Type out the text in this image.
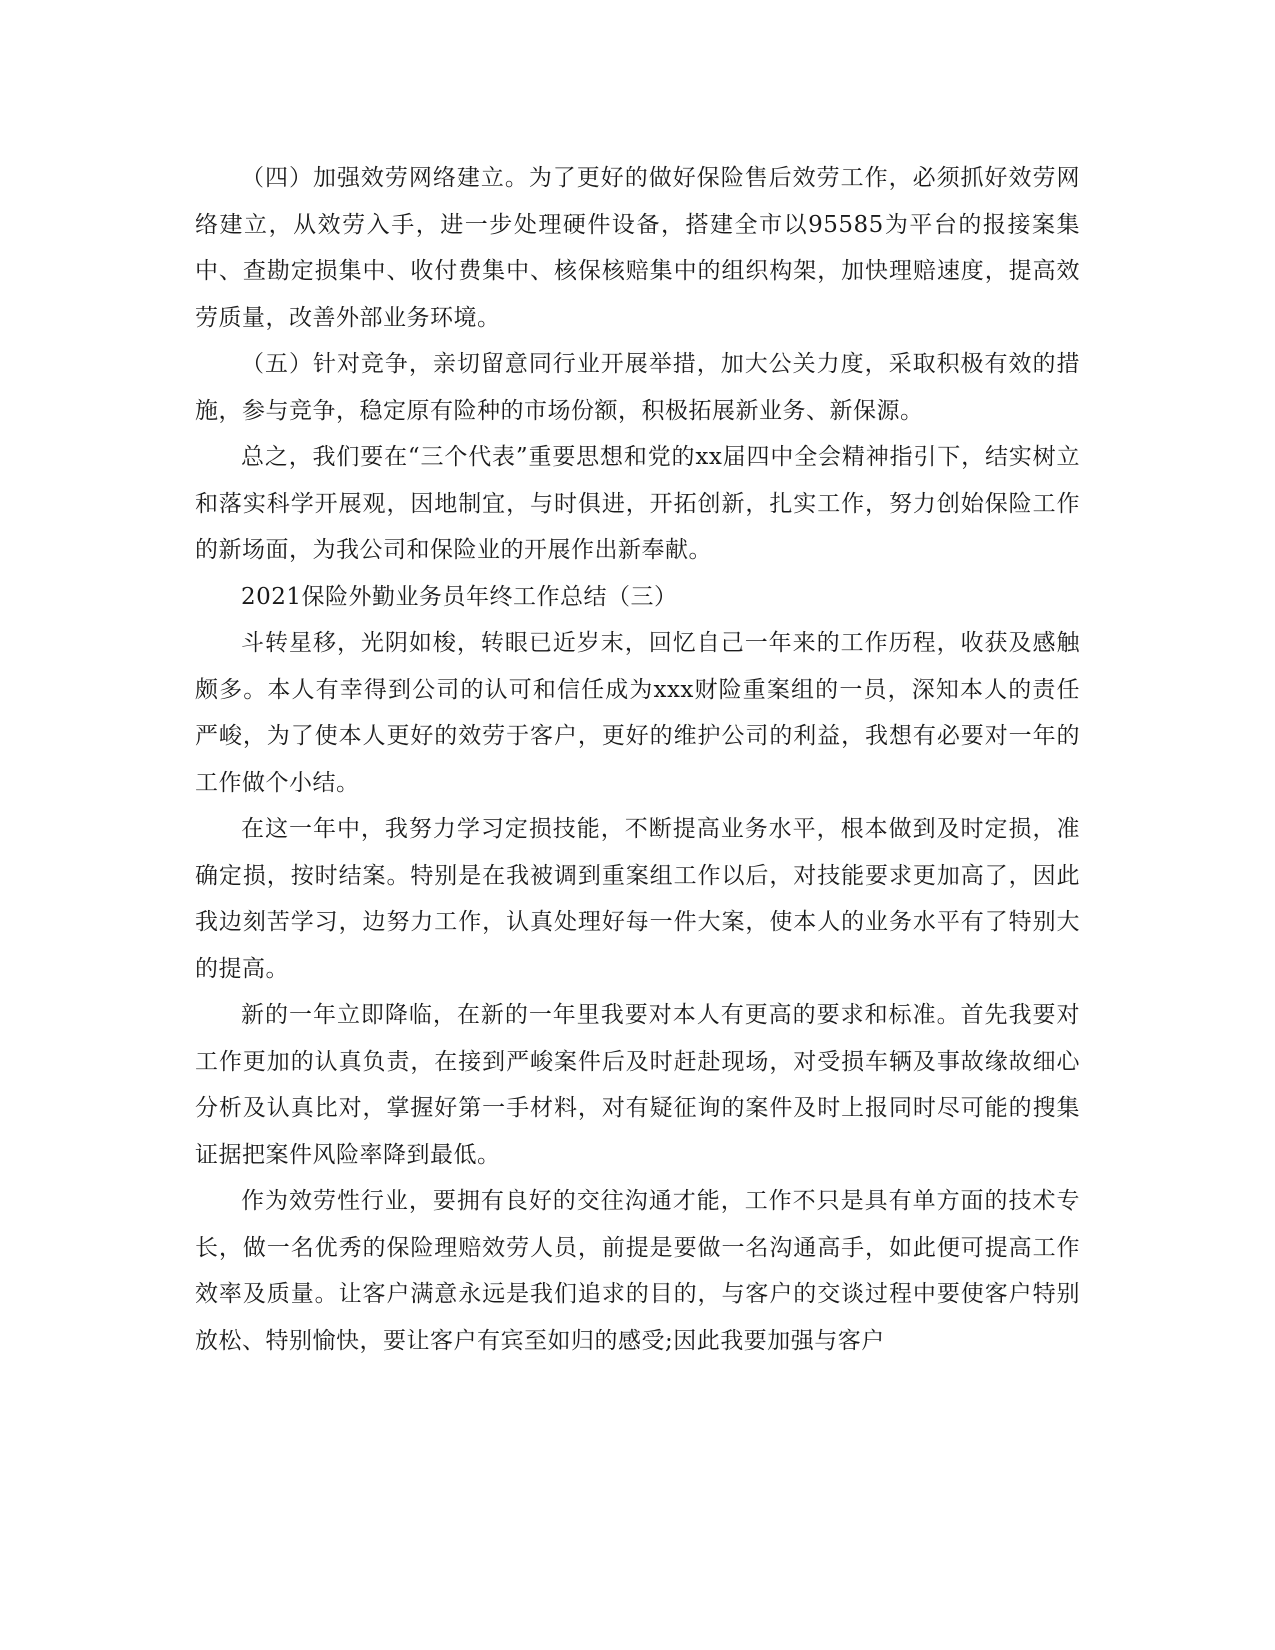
（四）加强效劳网络建立。为了更好的做好保险售后效劳工作，必须抓好效劳网络建立，从效劳入手，进一步处理硬件设备，搭建全市以95585为平台的报接案集中、查勘定损集中、收付费集中、核保核赔集中的组织构架，加快理赔速度，提高效劳质量，改善外部业务环境。

（五）针对竞争，亲切留意同行业开展举措，加大公关力度，采取积极有效的措施，参与竞争，稳定原有险种的市场份额，积极拓展新业务、新保源。

总之，我们要在“三个代表”重要思想和党的xx届四中全会精神指引下，结实树立和落实科学开展观，因地制宜，与时俱进，开拓创新，扎实工作，努力创始保险工作的新场面，为我公司和保险业的开展作出新奉献。

2021保险外勤业务员年终工作总结（三）

斗转星移，光阴如梭，转眼已近岁末，回忆自己一年来的工作历程，收获及感触颇多。本人有幸得到公司的认可和信任成为xxx财险重案组的一员，深知本人的责任严峻，为了使本人更好的效劳于客户，更好的维护公司的利益，我想有必要对一年的工作做个小结。

在这一年中，我努力学习定损技能，不断提高业务水平，根本做到及时定损，准确定损，按时结案。特别是在我被调到重案组工作以后，对技能要求更加高了，因此我边刻苦学习，边努力工作，认真处理好每一件大案，使本人的业务水平有了特别大的提高。

新的一年立即降临，在新的一年里我要对本人有更高的要求和标准。首先我要对工作更加的认真负责，在接到严峻案件后及时赶赴现场，对受损车辆及事故缘故细心分析及认真比对，掌握好第一手材料，对有疑征询的案件及时上报同时尽可能的搜集证据把案件风险率降到最低。

作为效劳性行业，要拥有良好的交往沟通才能，工作不只是具有单方面的技术专长，做一名优秀的保险理赔效劳人员，前提是要做一名沟通高手，如此便可提高工作效率及质量。让客户满意永远是我们追求的目的，与客户的交谈过程中要使客户特别放松、特别愉快，要让客户有宾至如归的感受;因此我要加强与客户
